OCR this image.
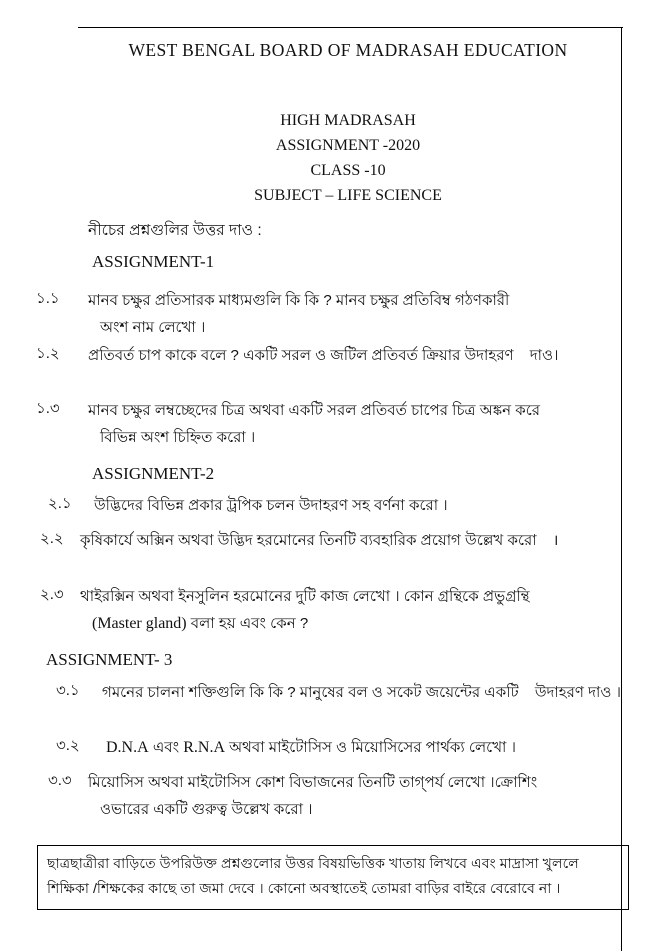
WEST BENGAL BOARD OF MADRASAH EDUCATION
HIGH MADRASAH
ASSIGNMENT -2020
CLASS -10
SUBJECT – LIFE SCIENCE
নীচের প্রশ্নগুলির উত্তর দাও :
ASSIGNMENT-1
১.১	মানব চক্ষুর প্রতিসারক মাধ্যমগুলি কি কি ? মানব চক্ষুর প্রতিবিম্ব গঠণকারী অংশ নাম লেখো ।
১.২	প্রতিবর্ত চাপ কাকে বলে ? একটি সরল ও জটিল প্রতিবর্ত ক্রিয়ার উদাহরণ দাও।
১.৩	মানব চক্ষুর লম্বচ্ছেদের চিত্র অথবা একটি সরল প্রতিবর্ত চাপের চিত্র অঙ্কন করে বিভিন্ন অংশ চিহ্নিত করো ।
ASSIGNMENT-2
২.১	উদ্ভিদের বিভিন্ন প্রকার ট্রপিক চলন উদাহরণ সহ বর্ণনা করো ।
২.২	কৃষিকার্যে অক্সিন অথবা উদ্ভিদ হরমোনের তিনটি ব্যবহারিক প্রয়োগ উল্লেখ করো ।
২.৩	থাইরক্সিন অথবা ইনসুলিন হরমোনের দুটি কাজ লেখো । কোন গ্রন্থিকে প্রভুগ্রন্থি (Master gland) বলা হয় এবং কেন ?
ASSIGNMENT- 3
৩.১	গমনের চালনা শক্তিগুলি কি কি ? মানুষের বল ও সকেট জয়েন্টের একটি উদাহরণ দাও ।
৩.২	D.N.A এবং R.N.A অথবা মাইটোসিস ও মিয়োসিসের পার্থক্য লেখো ।
৩.৩	মিয়োসিস অথবা মাইটোসিস কোশ বিভাজনের তিনটি তাগ্পর্য লেখো ।ক্রোশিং ওভারের একটি গুরুত্ব উল্লেখ করো ।
ছাত্রছাত্রীরা বাড়িতে উপরিউক্ত প্রশ্নগুলোর উত্তর বিষয়ভিত্তিক খাতায় লিখবে এবং মাদ্রাসা খুললে
শিক্ষিকা /শিক্ষকের কাছে তা জমা দেবে । কোনো অবস্থাতেই তোমরা বাড়ির বাইরে বেরোবে না ।
